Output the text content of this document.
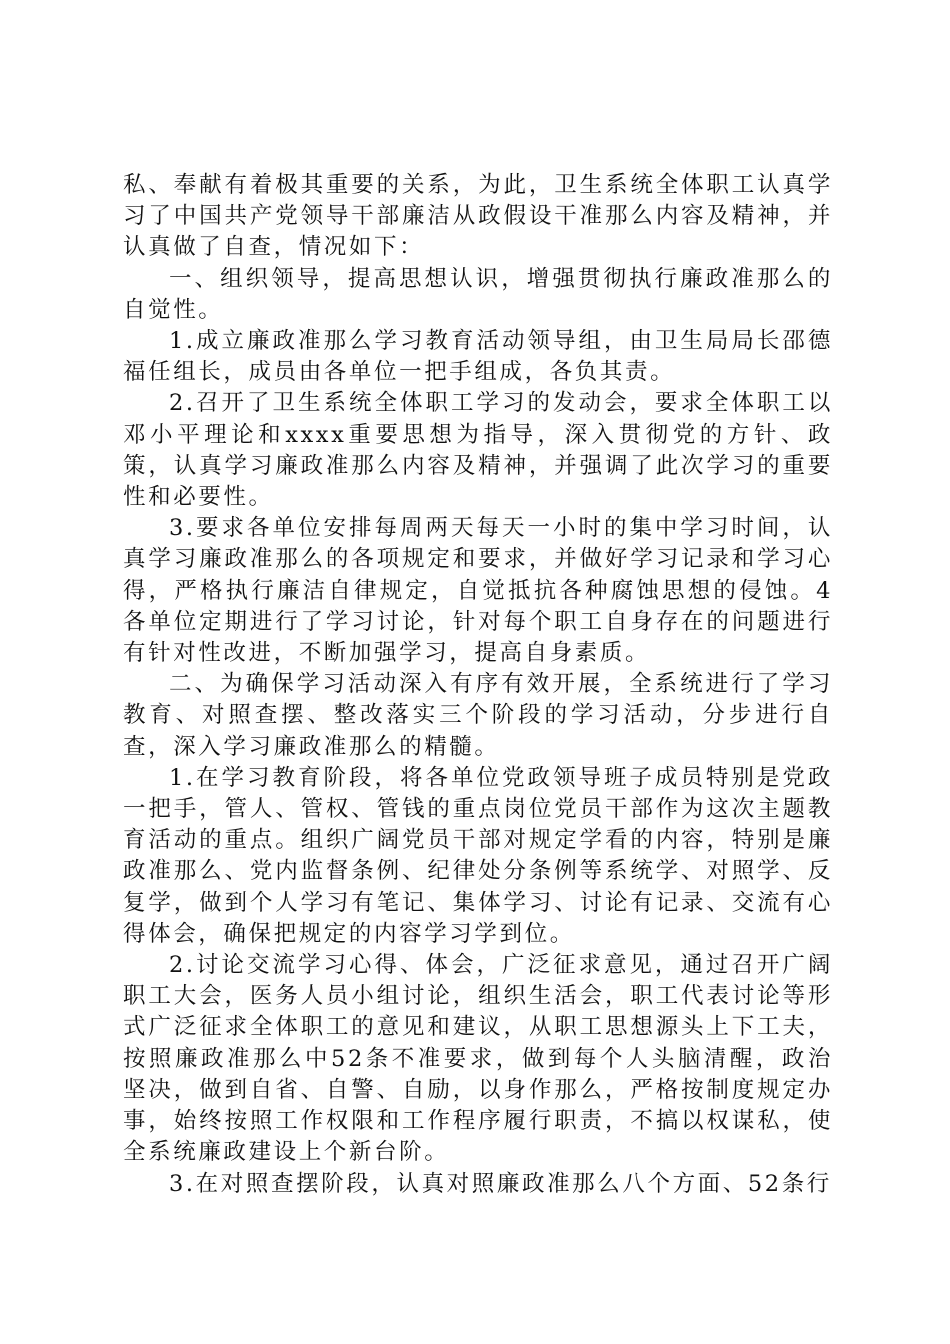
私、奉献有着极其重要的关系，为此，卫生系统全体职工认真学习了中国共产党领导干部廉洁从政假设干准那么内容及精神，并认真做了自查，情况如下：

一、组织领导，提高思想认识，增强贯彻执行廉政准那么的自觉性。

1.成立廉政准那么学习教育活动领导组，由卫生局局长邵德福任组长，成员由各单位一把手组成，各负其责。

2.召开了卫生系统全体职工学习的发动会，要求全体职工以邓小平理论和xxxx重要思想为指导，深入贯彻党的方针、政策，认真学习廉政准那么内容及精神，并强调了此次学习的重要性和必要性。

3.要求各单位安排每周两天每天一小时的集中学习时间，认真学习廉政准那么的各项规定和要求，并做好学习记录和学习心得，严格执行廉洁自律规定，自觉抵抗各种腐蚀思想的侵蚀。4各单位定期进行了学习讨论，针对每个职工自身存在的问题进行有针对性改进，不断加强学习，提高自身素质。

二、为确保学习活动深入有序有效开展，全系统进行了学习教育、对照查摆、整改落实三个阶段的学习活动，分步进行自查，深入学习廉政准那么的精髓。

1.在学习教育阶段，将各单位党政领导班子成员特别是党政一把手，管人、管权、管钱的重点岗位党员干部作为这次主题教育活动的重点。组织广阔党员干部对规定学看的内容，特别是廉政准那么、党内监督条例、纪律处分条例等系统学、对照学、反复学，做到个人学习有笔记、集体学习、讨论有记录、交流有心得体会，确保把规定的内容学习学到位。

2.讨论交流学习心得、体会，广泛征求意见，通过召开广阔职工大会，医务人员小组讨论，组织生活会，职工代表讨论等形式广泛征求全体职工的意见和建议，从职工思想源头上下工夫，按照廉政准那么中52条不准要求，做到每个人头脑清醒，政治坚决，做到自省、自警、自励，以身作那么，严格按制度规定办事，始终按照工作权限和工作程序履行职责，不搞以权谋私，使全系统廉政建设上个新台阶。

3.在对照查摆阶段，认真对照廉政准那么八个方面、52条行
